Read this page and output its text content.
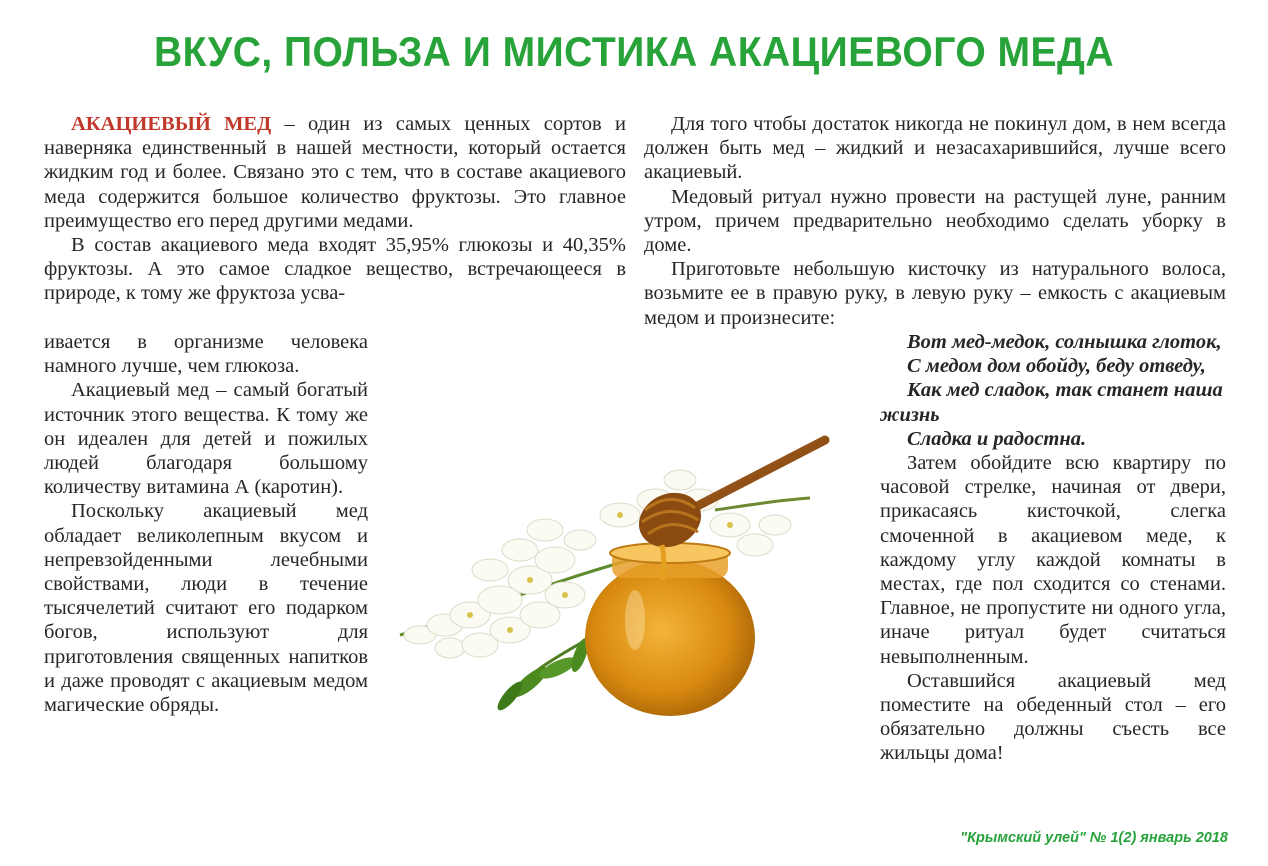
ВКУС, ПОЛЬЗА И МИСТИКА АКАЦИЕВОГО МЕДА

АКАЦИЕВЫЙ МЕД – один из самых ценных сортов и наверняка единственный в нашей местности, который остается жидким год и более. Связано это с тем, что в составе акациевого меда содержится большое количество фруктозы. Это главное преимущество его перед другими медами.

В состав акациевого меда входят 35,95% глюкозы и 40,35% фруктозы. А это самое сладкое вещество, встречающееся в природе, к тому же фруктоза усва-

ивается в организме человека намного лучше, чем глюкоза.

Акациевый мед – самый богатый источник этого вещества. К тому же он идеален для детей и пожилых людей благодаря большому количеству витамина А (каротин).

Поскольку акациевый мед обладает великолепным вкусом и непревзойденными лечебными свойствами, люди в течение тысячелетий считают его подарком богов, используют для приготовления священных напитков и даже проводят с акациевым медом магические обряды.

Для того чтобы достаток никогда не покинул дом, в нем всегда должен быть мед – жидкий и незасахарившийся, лучше всего акациевый.

Медовый ритуал нужно провести на растущей луне, ранним утром, причем предварительно необходимо сделать уборку в доме.

Приготовьте небольшую кисточку из натурального волоса, возьмите ее в правую руку, в левую руку – емкость с акациевым медом и произнесите:

Вот мед-медок, солнышка глоток,

С медом дом обойду, беду отведу,

Как мед сладок, так станет наша жизнь

Сладка и радостна.

Затем обойдите всю квартиру по часовой стрелке, начиная от двери, прикасаясь кисточкой, слегка смоченной в акациевом меде, к каждому углу каждой комнаты в местах, где пол сходится со стенами. Главное, не пропустите ни одного угла, иначе ритуал будет считаться невыполненным.

Оставшийся акациевый мед поместите на обеденный стол – его обязательно должны съесть все жильцы дома!

"Крымский улей" № 1(2) январь 2018
